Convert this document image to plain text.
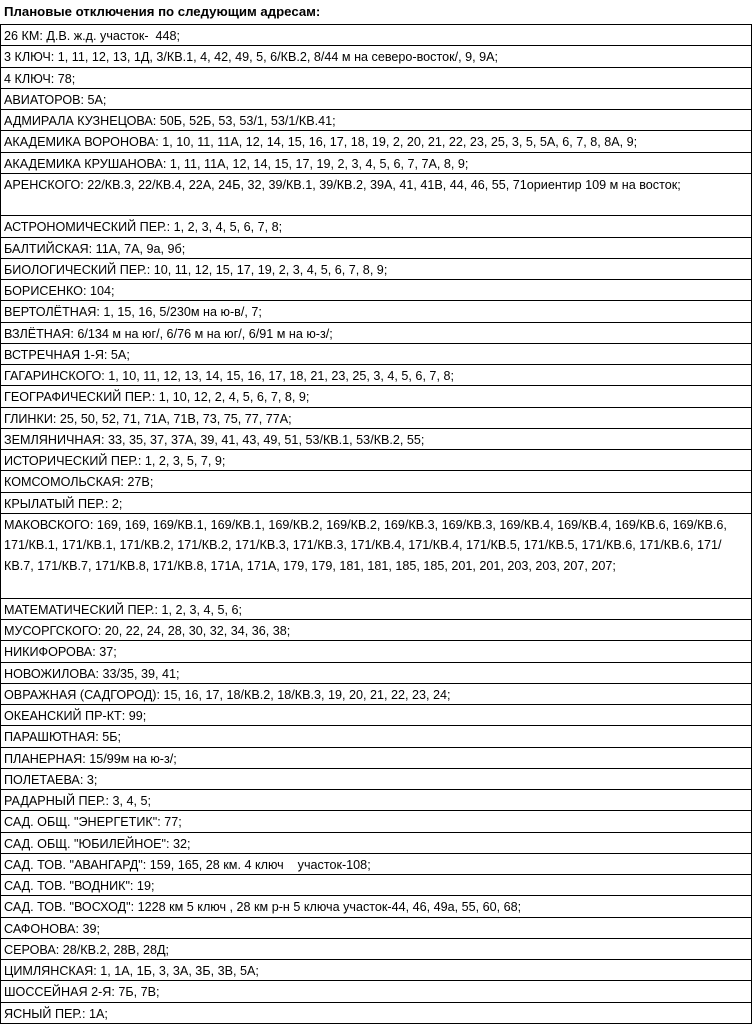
Плановые отключения по следующим адресам:
26 КМ: Д.В. ж.д. участок-  448;
3 КЛЮЧ: 1, 11, 12, 13, 1Д, 3/КВ.1, 4, 42, 49, 5, 6/КВ.2, 8/44 м на северо-восток/, 9, 9А;
4 КЛЮЧ: 78;
АВИАТОРОВ: 5А;
АДМИРАЛА КУЗНЕЦОВА: 50Б, 52Б, 53, 53/1, 53/1/КВ.41;
АКАДЕМИКА ВОРОНОВА: 1, 10, 11, 11А, 12, 14, 15, 16, 17, 18, 19, 2, 20, 21, 22, 23, 25, 3, 5, 5А, 6, 7, 8, 8А, 9;
АКАДЕМИКА КРУШАНОВА: 1, 11, 11А, 12, 14, 15, 17, 19, 2, 3, 4, 5, 6, 7, 7А, 8, 9;
АРЕНСКОГО: 22/КВ.3, 22/КВ.4, 22А, 24Б, 32, 39/КВ.1, 39/КВ.2, 39А, 41, 41В, 44, 46, 55, 71ориентир 109 м на восток;
АСТРОНОМИЧЕСКИЙ ПЕР.: 1, 2, 3, 4, 5, 6, 7, 8;
БАЛТИЙСКАЯ: 11А, 7А, 9а, 9б;
БИОЛОГИЧЕСКИЙ ПЕР.: 10, 11, 12, 15, 17, 19, 2, 3, 4, 5, 6, 7, 8, 9;
БОРИСЕНКО: 104;
ВЕРТОЛЁТНАЯ: 1, 15, 16, 5/230м на ю-в/, 7;
ВЗЛЁТНАЯ: 6/134 м на юг/, 6/76 м на юг/, 6/91 м на ю-з/;
ВСТРЕЧНАЯ 1-Я: 5А;
ГАГАРИНСКОГО: 1, 10, 11, 12, 13, 14, 15, 16, 17, 18, 21, 23, 25, 3, 4, 5, 6, 7, 8;
ГЕОГРАФИЧЕСКИЙ ПЕР.: 1, 10, 12, 2, 4, 5, 6, 7, 8, 9;
ГЛИНКИ: 25, 50, 52, 71, 71А, 71В, 73, 75, 77, 77А;
ЗЕМЛЯНИЧНАЯ: 33, 35, 37, 37А, 39, 41, 43, 49, 51, 53/КВ.1, 53/КВ.2, 55;
ИСТОРИЧЕСКИЙ ПЕР.: 1, 2, 3, 5, 7, 9;
КОМСОМОЛЬСКАЯ: 27В;
КРЫЛАТЫЙ ПЕР.: 2;
МАКОВСКОГО: 169, 169, 169/КВ.1, 169/КВ.1, 169/КВ.2, 169/КВ.2, 169/КВ.3, 169/КВ.3, 169/КВ.4, 169/КВ.4, 169/КВ.6, 169/КВ.6, 171/КВ.1, 171/КВ.1, 171/КВ.2, 171/КВ.2, 171/КВ.3, 171/КВ.3, 171/КВ.4, 171/КВ.4, 171/КВ.5, 171/КВ.5, 171/КВ.6, 171/КВ.6, 171/КВ.7, 171/КВ.7, 171/КВ.8, 171/КВ.8, 171А, 171А, 179, 179, 181, 181, 185, 185, 201, 201, 203, 203, 207, 207;
МАТЕМАТИЧЕСКИЙ ПЕР.: 1, 2, 3, 4, 5, 6;
МУСОРГСКОГО: 20, 22, 24, 28, 30, 32, 34, 36, 38;
НИКИФОРОВА: 37;
НОВОЖИЛОВА: 33/35, 39, 41;
ОВРАЖНАЯ (САДГОРОД): 15, 16, 17, 18/КВ.2, 18/КВ.3, 19, 20, 21, 22, 23, 24;
ОКЕАНСКИЙ ПР-КТ: 99;
ПАРАШЮТНАЯ: 5Б;
ПЛАНЕРНАЯ: 15/99м на ю-з/;
ПОЛЕТАЕВА: 3;
РАДАРНЫЙ ПЕР.: 3, 4, 5;
САД. ОБЩ. "ЭНЕРГЕТИК": 77;
САД. ОБЩ. "ЮБИЛЕЙНОЕ": 32;
САД. ТОВ. "АВАНГАРД": 159, 165, 28 км. 4 ключ    участок-108;
САД. ТОВ. "ВОДНИК": 19;
САД. ТОВ. "ВОСХОД": 1228 км 5 ключ , 28 км р-н 5 ключа участок-44, 46, 49а, 55, 60, 68;
САФОНОВА: 39;
СЕРОВА: 28/КВ.2, 28В, 28Д;
ЦИМЛЯНСКАЯ: 1, 1А, 1Б, 3, 3А, 3Б, 3В, 5А;
ШОССЕЙНАЯ 2-Я: 7Б, 7В;
ЯСНЫЙ ПЕР.: 1А;
